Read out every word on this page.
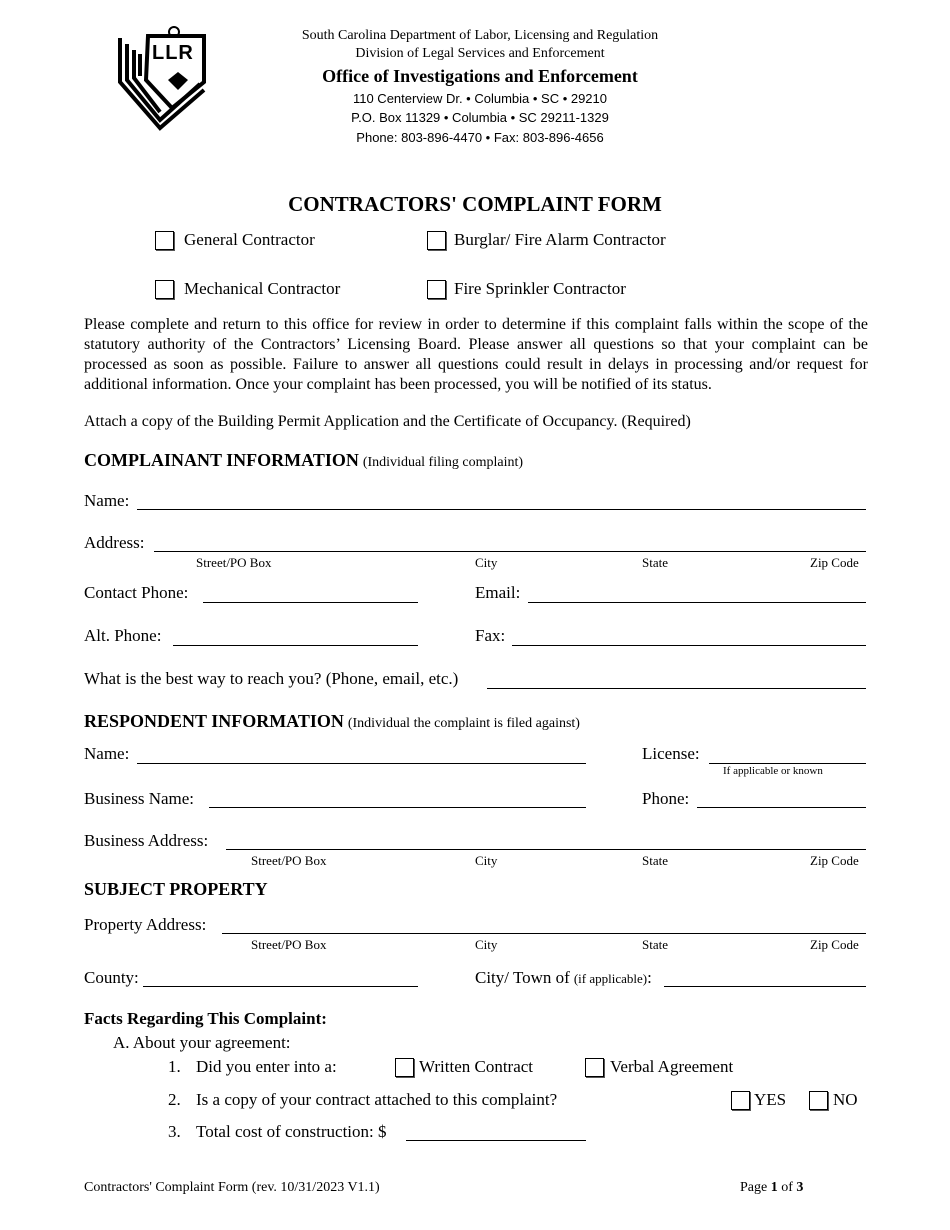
LLR
South Carolina Department of Labor, Licensing and Regulation
Division of Legal Services and Enforcement
Office of Investigations and Enforcement
110 Centerview Dr. • Columbia • SC • 29210
P.O. Box 11329 • Columbia • SC 29211-1329
Phone: 803-896-4470 • Fax: 803-896-4656
CONTRACTORS' COMPLAINT FORM
General Contractor	Burglar/ Fire Alarm Contractor
Mechanical Contractor	Fire Sprinkler Contractor
Please complete and return to this office for review in order to determine if this complaint falls within the scope of the statutory authority of the Contractors’ Licensing Board. Please answer all questions so that your complaint can be processed as soon as possible. Failure to answer all questions could result in delays in processing and/or request for additional information. Once your complaint has been processed, you will be notified of its status.
Attach a copy of the Building Permit Application and the Certificate of Occupancy. (Required)
COMPLAINANT INFORMATION (Individual filing complaint)
Name:
Address:
Street/PO Box	City	State	Zip Code
Contact Phone:	Email:
Alt. Phone:	Fax:
What is the best way to reach you? (Phone, email, etc.)
RESPONDENT INFORMATION (Individual the complaint is filed against)
Name:	License:
If applicable or known
Business Name:	Phone:
Business Address:
Street/PO Box	City	State	Zip Code
SUBJECT PROPERTY
Property Address:
Street/PO Box	City	State	Zip Code
County:	City/ Town of (if applicable):
Facts Regarding This Complaint:
A. About your agreement:
1. Did you enter into a:	Written Contract	Verbal Agreement
2. Is a copy of your contract attached to this complaint?	YES	NO
3. Total cost of construction: $
Contractors' Complaint Form (rev. 10/31/2023 V1.1)	Page 1 of 3
